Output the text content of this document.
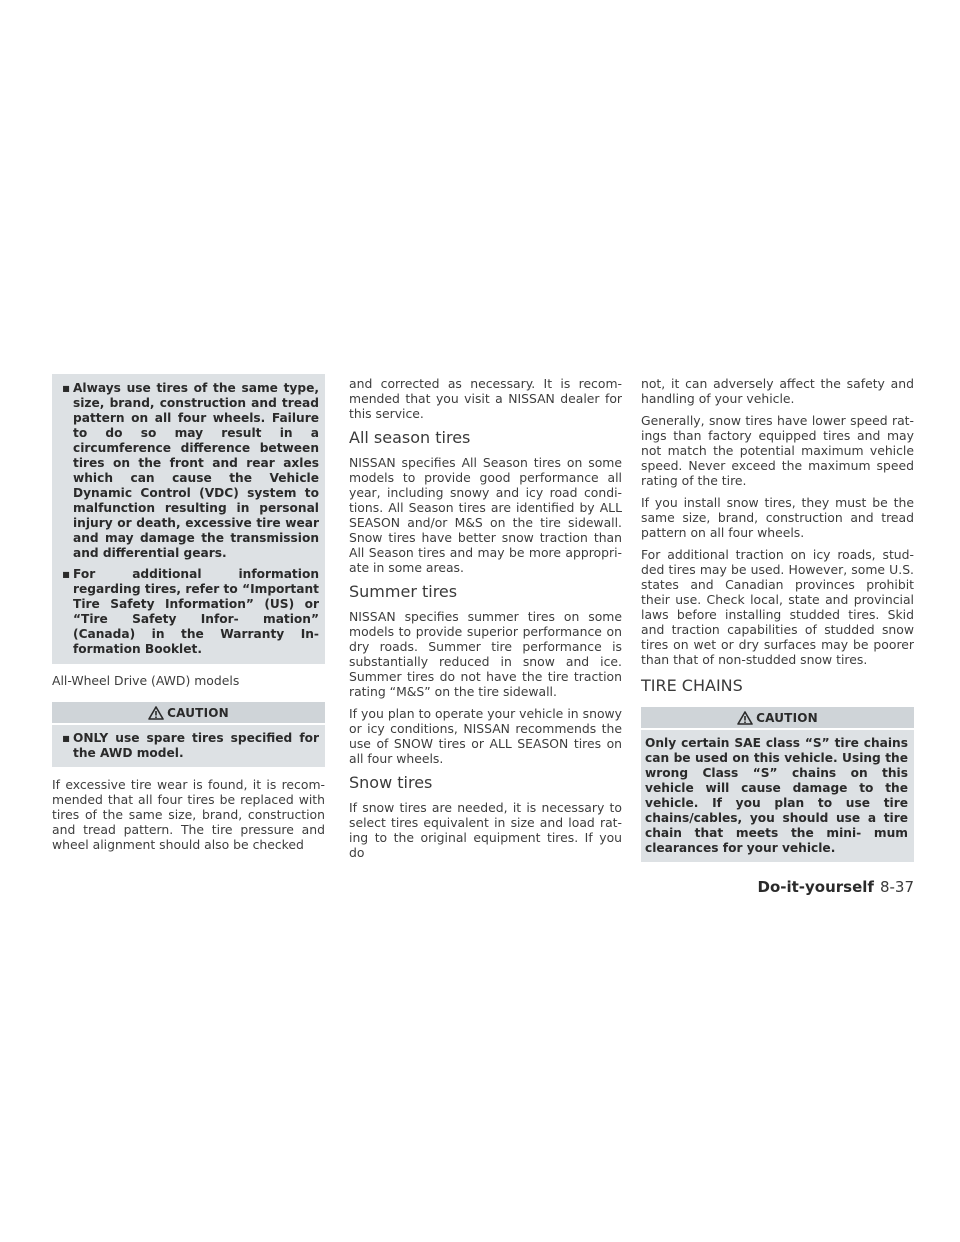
▪ Always use tires of the same type, size, brand, construction and tread pattern on all four wheels. Failure to do so may result in a circumference difference between tires on the front and rear axles which can cause the Vehicle Dynamic Control (VDC) system to malfunction resulting in personal injury or death, excessive tire wear and may damage the transmission and differential gears.

▪ For additional information regarding tires, refer to “Important Tire Safety Information” (US) or “Tire Safety Infor- mation” (Canada) in the Warranty In- formation Booklet.

All-Wheel Drive (AWD) models

CAUTION

▪ ONLY use spare tires specified for the AWD model.

If excessive tire wear is found, it is recom- mended that all four tires be replaced with tires of the same size, brand, construction and tread pattern. The tire pressure and wheel alignment should also be checked

and corrected as necessary. It is recom- mended that you visit a NISSAN dealer for this service.

All season tires

NISSAN specifies All Season tires on some models to provide good performance all year, including snowy and icy road condi- tions. All Season tires are identified by ALL SEASON and/or M&S on the tire sidewall. Snow tires have better snow traction than All Season tires and may be more appropri- ate in some areas.

Summer tires

NISSAN specifies summer tires on some models to provide superior performance on dry roads. Summer tire performance is substantially reduced in snow and ice. Summer tires do not have the tire traction rating “M&S” on the tire sidewall.

If you plan to operate your vehicle in snowy or icy conditions, NISSAN recommends the use of SNOW tires or ALL SEASON tires on all four wheels.

Snow tires

If snow tires are needed, it is necessary to select tires equivalent in size and load rat- ing to the original equipment tires. If you do

not, it can adversely affect the safety and handling of your vehicle.

Generally, snow tires have lower speed rat- ings than factory equipped tires and may not match the potential maximum vehicle speed. Never exceed the maximum speed rating of the tire.

If you install snow tires, they must be the same size, brand, construction and tread pattern on all four wheels.

For additional traction on icy roads, stud- ded tires may be used. However, some U.S. states and Canadian provinces prohibit their use. Check local, state and provincial laws before installing studded tires. Skid and traction capabilities of studded snow tires on wet or dry surfaces may be poorer than that of non-studded snow tires.

TIRE CHAINS
CAUTION

Only certain SAE class “S” tire chains can be used on this vehicle. Using the wrong Class “S” chains on this vehicle will cause damage to the vehicle. If you plan to use tire chains/cables, you should use a tire chain that meets the mini- mum clearances for your vehicle.

Do-it-yourself 8-37
